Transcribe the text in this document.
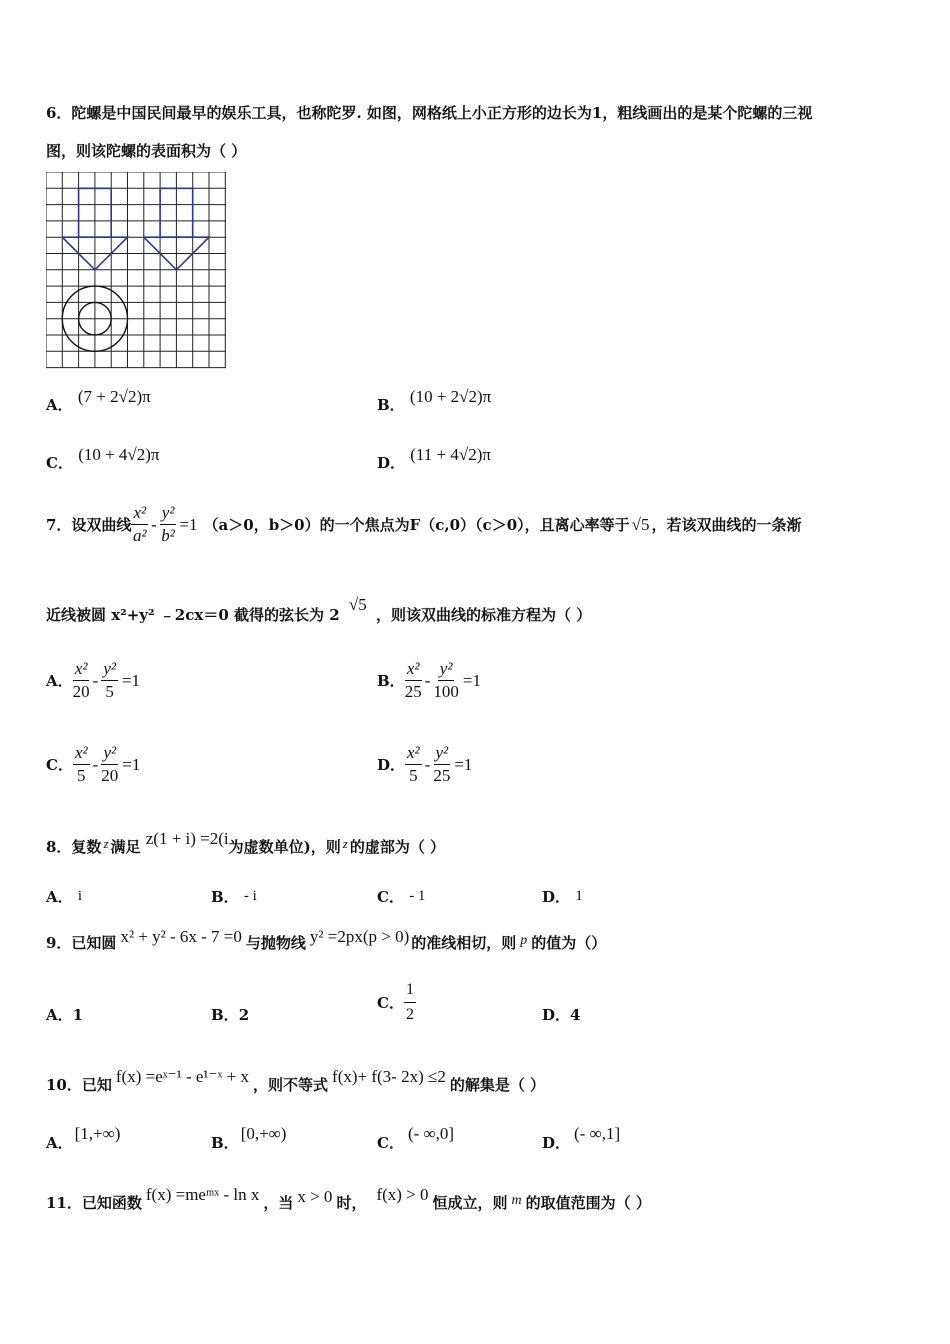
6．陀螺是中国民间最早的娱乐工具，也称陀罗. 如图，网格纸上小正方形的边长为1，粗线画出的是某个陀螺的三视
图，则该陀螺的表面积为（ ）
A． (7 + 2√2)π	B． (10 + 2√2)π
C． (10 + 4√2)π	D． (11 + 4√2)π
7．设双曲线 $\frac{\text{x²}}{\text{a²}} - \frac{\text{y²}}{\text{b²}} =1$ （a＞0，b＞0）的一个焦点为F（c,0）（c＞0），且离心率等于 √5 ，若该双曲线的一条渐
近线被圆 x²+y² ﹣2cx＝0 截得的弦长为 2 √5 ，则该双曲线的标准方程为（ ）
A． $\frac{\text{x²}}{20} - \frac{\text{y²}}{5} =1$	B． $\frac{\text{x²}}{25} - \frac{\text{y²}}{100} =1$
C． $\frac{\text{x²}}{5} - \frac{\text{y²}}{20} =1$	D． $\frac{\text{x²}}{5} - \frac{\text{y²}}{25} =1$
8．复数 z 满足 z(1 + i) =2(i为虚数单位)，则 z 的虚部为（ ）
A． i	B． - i	C． - 1	D． 1
9．已知圆 x² + y² - 6x - 7 =0 与抛物线 y² =2px(p > 0) 的准线相切，则 p 的值为（）
A．1	B．2
C． $\frac{1}{2}$	D．4
10．已知 f(x) =eˣ⁻¹ - e¹⁻ˣ + x ，则不等式 f(x)+ f(3- 2x) ≤2 的解集是（ ）
A． [1,+∞)	B． [0,+∞)	C． (- ∞,0]	D． (- ∞,1]
11．已知函数 f(x) =meᵐˣ - ln x ，当 x > 0 时， f(x) > 0 恒成立，则 m 的取值范围为（ ）
